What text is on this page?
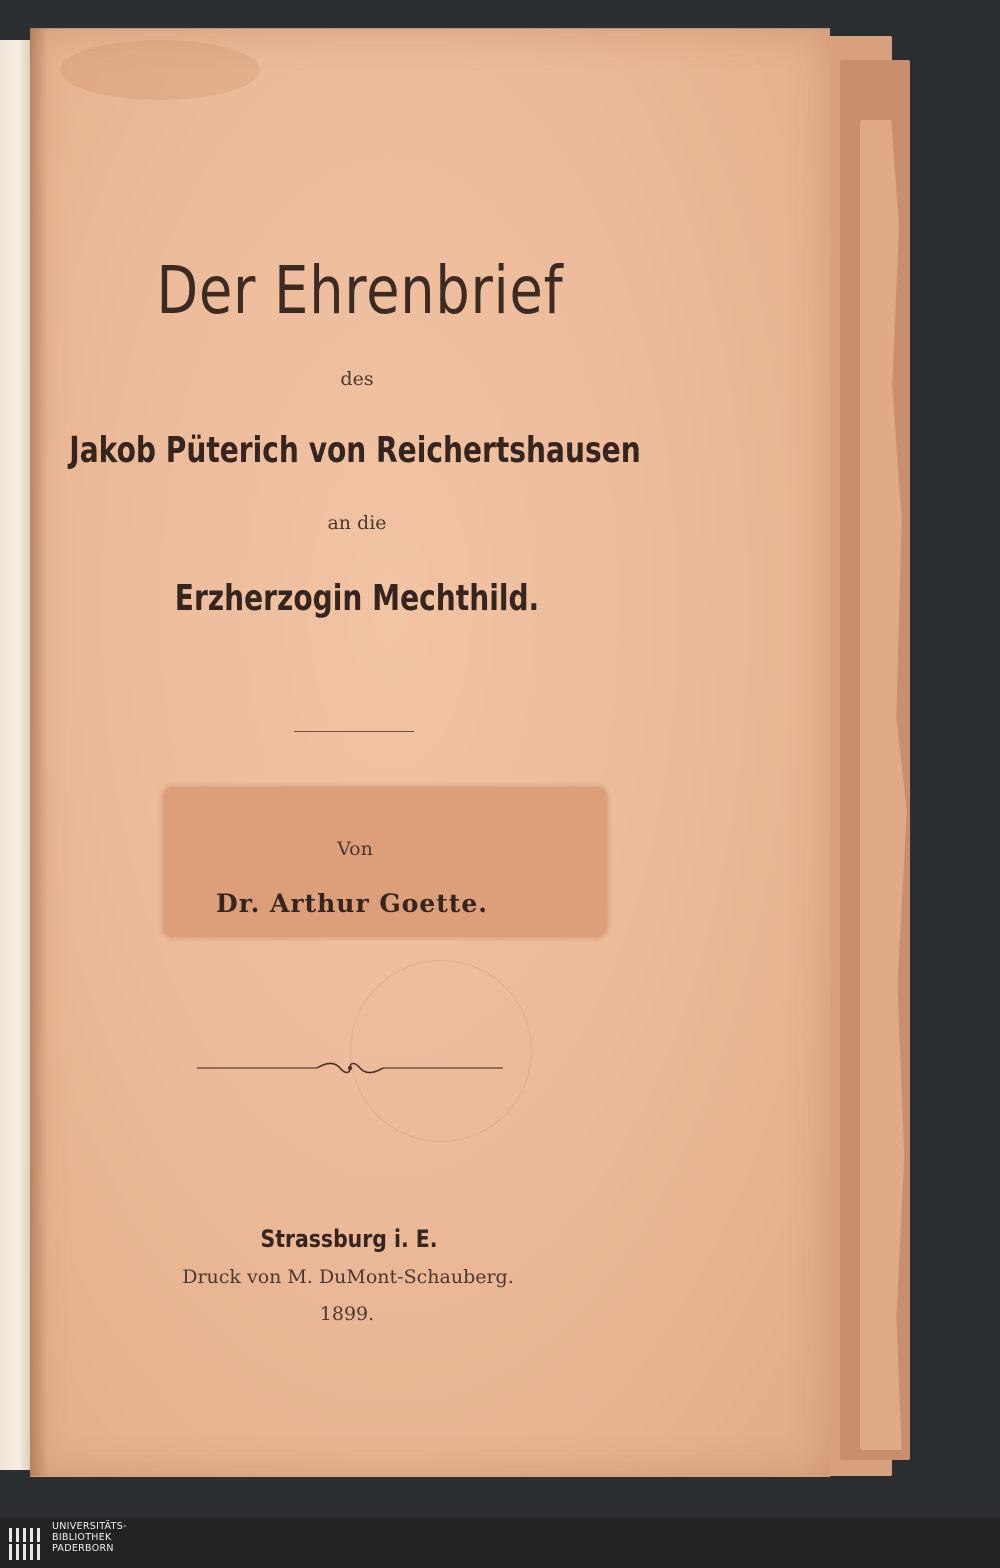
Der Ehrenbrief
des
Jakob Püterich von Reichertshausen
an die
Erzherzogin Mechthild.
Von
Dr. Arthur Goette.
Strassburg i. E.
Druck von M. DuMont-Schauberg.
1899.
UNIVERSITÄTS-
BIBLIOTHEK
PADERBORN
